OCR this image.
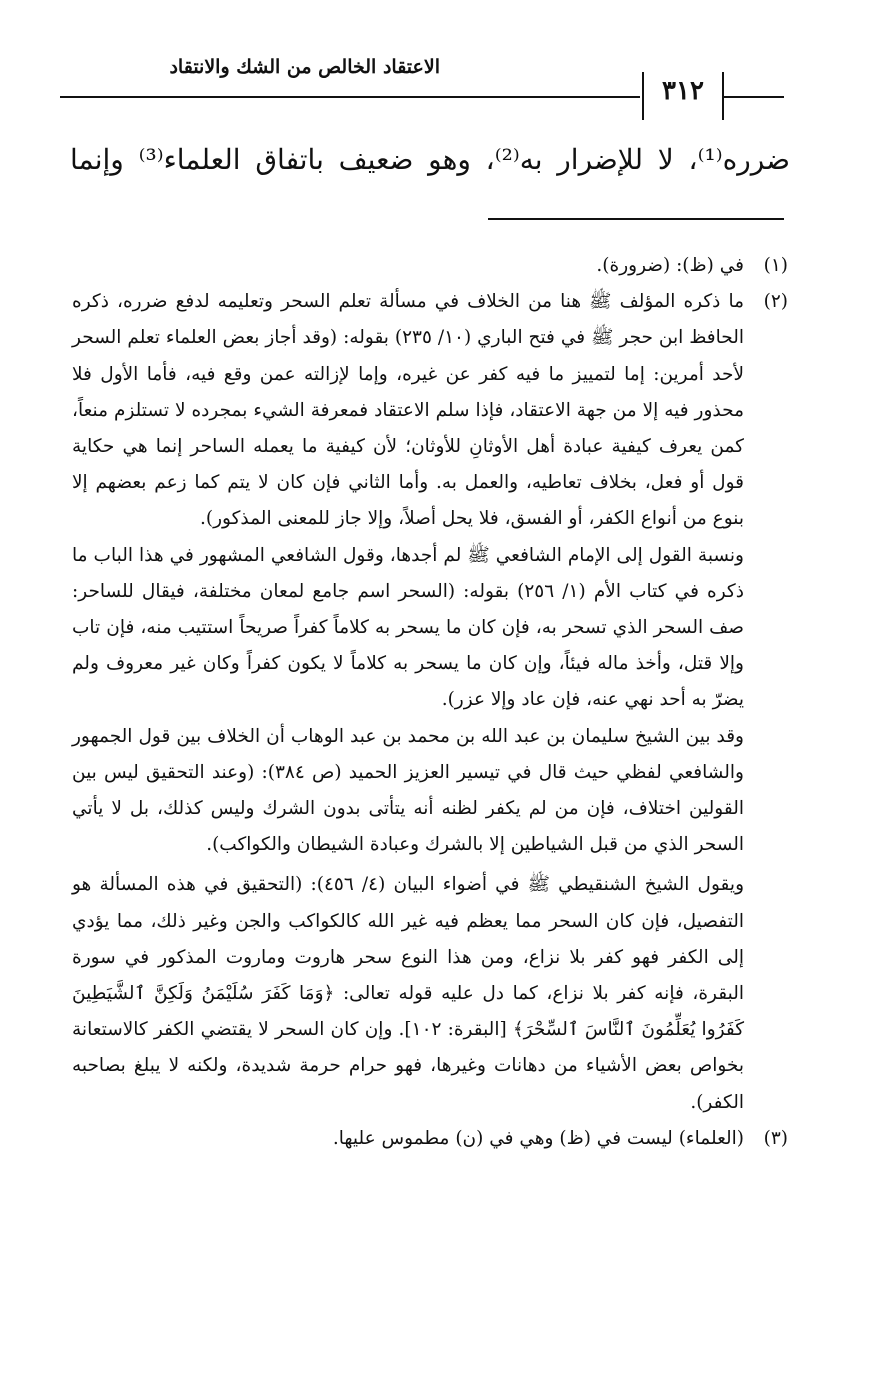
الاعتقاد الخالص من الشك والانتقاد
٣١٢
ضرره⁽¹⁾، لا للإضرار به⁽²⁾، وهو ضعيف باتفاق العلماء⁽³⁾ وإنما
(١)

في (ظ): (ضرورة).

(٢)

ما ذكره المؤلف ﷺ هنا من الخلاف في مسألة تعلم السحر وتعليمه لدفع ضرره، ذكره الحافظ ابن حجر ﷺ في فتح الباري (١٠/ ٢٣٥) بقوله: (وقد أجاز بعض العلماء تعلم السحر لأحد أمرين: إما لتمييز ما فيه كفر عن غيره، وإما لإزالته عمن وقع فيه، فأما الأول فلا محذور فيه إلا من جهة الاعتقاد، فإذا سلم الاعتقاد فمعرفة الشيء بمجرده لا تستلزم منعاً، كمن يعرف كيفية عبادة أهل الأوثانِ للأوثان؛ لأن كيفية ما يعمله الساحر إنما هي حكاية قول أو فعل، بخلاف تعاطيه، والعمل به. وأما الثاني فإن كان لا يتم كما زعم بعضهم إلا بنوع من أنواع الكفر، أو الفسق، فلا يحل أصلاً، وإلا جاز للمعنى المذكور).

ونسبة القول إلى الإمام الشافعي ﷺ لم أجدها، وقول الشافعي المشهور في هذا الباب ما ذكره في كتاب الأم (١/ ٢٥٦) بقوله: (السحر اسم جامع لمعان مختلفة، فيقال للساحر: صف السحر الذي تسحر به، فإن كان ما يسحر به كلاماً كفراً صريحاً استتيب منه، فإن تاب وإلا قتل، وأخذ ماله فيئاً، وإن كان ما يسحر به كلاماً لا يكون كفراً وكان غير معروف ولم يضرّ به أحد نهي عنه، فإن عاد وإلا عزر).

وقد بين الشيخ سليمان بن عبد الله بن محمد بن عبد الوهاب أن الخلاف بين قول الجمهور والشافعي لفظي حيث قال في تيسير العزيز الحميد (ص ٣٨٤): (وعند التحقيق ليس بين القولين اختلاف، فإن من لم يكفر لظنه أنه يتأتى بدون الشرك وليس كذلك، بل لا يأتي السحر الذي من قبل الشياطين إلا بالشرك وعبادة الشيطان والكواكب).

ويقول الشيخ الشنقيطي ﷺ في أضواء البيان (٤/ ٤٥٦): (التحقيق في هذه المسألة هو التفصيل، فإن كان السحر مما يعظم فيه غير الله كالكواكب والجن وغير ذلك، مما يؤدي إلى الكفر فهو كفر بلا نزاع، ومن هذا النوع سحر هاروت وماروت المذكور في سورة البقرة، فإنه كفر بلا نزاع، كما دل عليه قوله تعالى: ﴿وَمَا كَفَرَ سُلَيْمَنُ وَلَكِنَّ ٱلشَّيَطِينَ كَفَرُوا يُعَلِّمُونَ ٱلنَّاسَ ٱلسِّحْرَ﴾ [البقرة: ١٠٢]. وإن كان السحر لا يقتضي الكفر كالاستعانة بخواص بعض الأشياء من دهانات وغيرها، فهو حرام حرمة شديدة، ولكنه لا يبلغ بصاحبه الكفر).

(٣)

(العلماء) ليست في (ظ) وهي في (ن) مطموس عليها.
